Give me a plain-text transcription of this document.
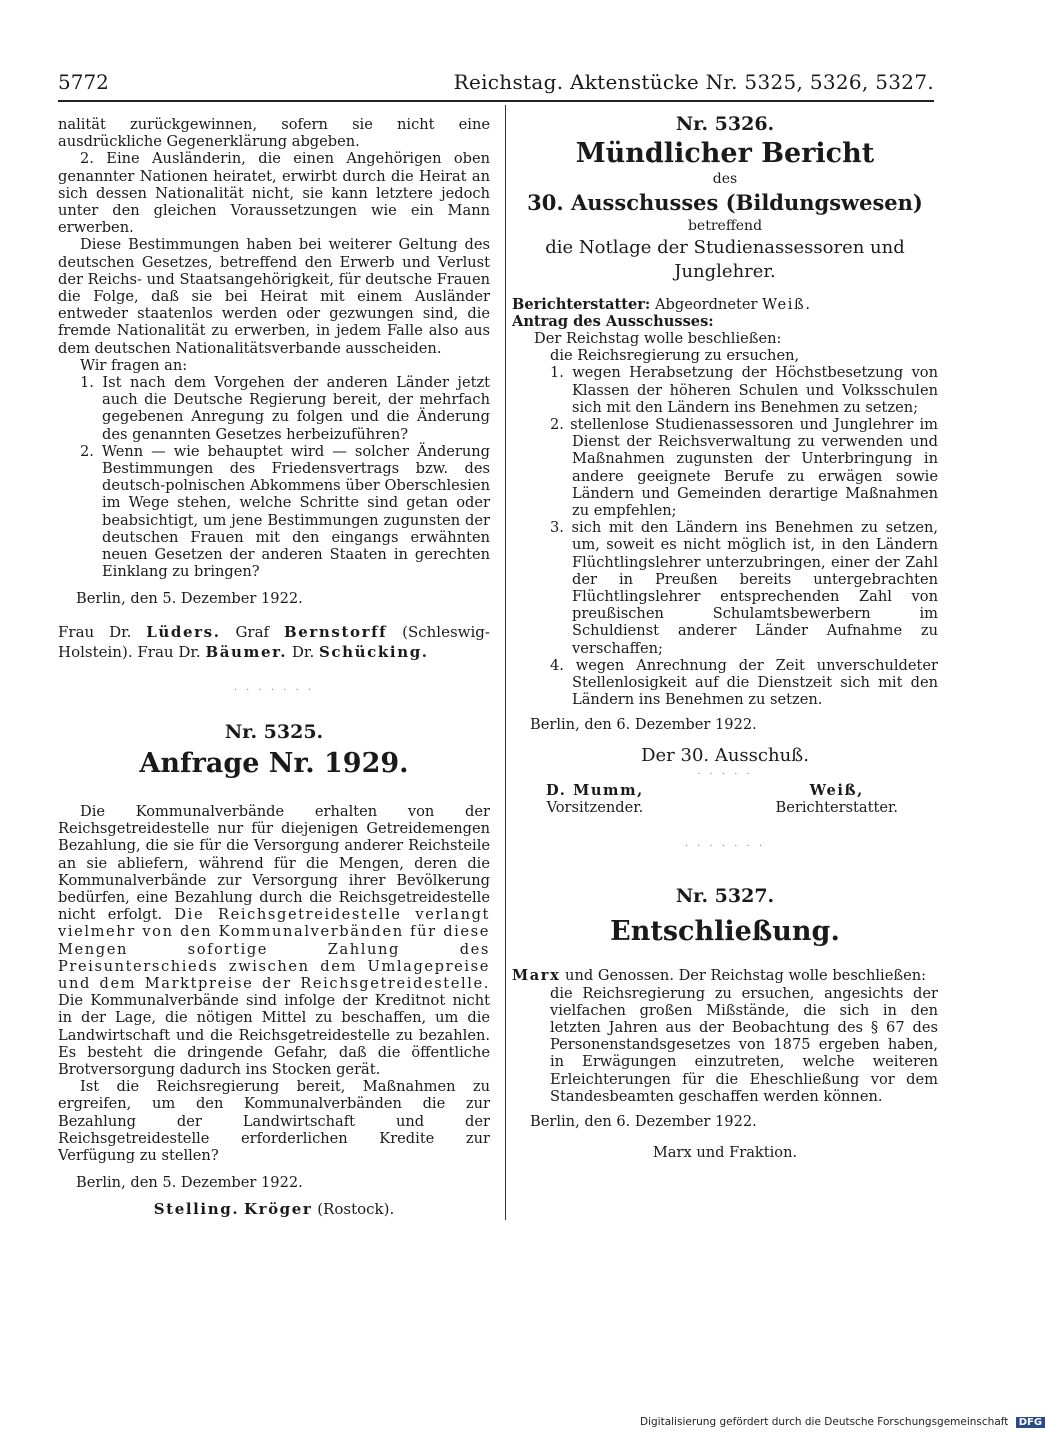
5772	Reichstag. Aktenstücke Nr. 5325, 5326, 5327.

nalität zurückgewinnen, sofern sie nicht eine ausdrückliche Gegenerklärung abgeben.

2. Eine Ausländerin, die einen Angehörigen oben genannter Nationen heiratet, erwirbt durch die Heirat an sich dessen Nationalität nicht, sie kann letztere jedoch unter den gleichen Voraussetzungen wie ein Mann erwerben.

Diese Bestimmungen haben bei weiterer Geltung des deutschen Gesetzes, betreffend den Erwerb und Verlust der Reichs- und Staatsangehörigkeit, für deutsche Frauen die Folge, daß sie bei Heirat mit einem Ausländer entweder staatenlos werden oder gezwungen sind, die fremde Nationalität zu erwerben, in jedem Falle also aus dem deutschen Nationalitätsverbande ausscheiden.

Wir fragen an:

1. Ist nach dem Vorgehen der anderen Länder jetzt auch die Deutsche Regierung bereit, der mehrfach gegebenen Anregung zu folgen und die Änderung des genannten Gesetzes herbeizuführen?

2. Wenn — wie behauptet wird — solcher Änderung Bestimmungen des Friedensvertrags bzw. des deutsch-polnischen Abkommens über Oberschlesien im Wege stehen, welche Schritte sind getan oder beabsichtigt, um jene Bestimmungen zugunsten der deutschen Frauen mit den eingangs erwähnten neuen Gesetzen der anderen Staaten in gerechten Einklang zu bringen?

Berlin, den 5. Dezember 1922.

Frau Dr. Lüders. Graf Bernstorff (Schleswig-Holstein). Frau Dr. Bäumer. Dr. Schücking.

· · · · · · ·
Nr. 5325.
Anfrage Nr. 1929.

Die Kommunalverbände erhalten von der Reichsgetreidestelle nur für diejenigen Getreidemengen Bezahlung, die sie für die Versorgung anderer Reichsteile an sie abliefern, während für die Mengen, deren die Kommunalverbände zur Versorgung ihrer Bevölkerung bedürfen, eine Bezahlung durch die Reichsgetreidestelle nicht erfolgt. Die Reichsgetreidestelle verlangt vielmehr von den Kommunalverbänden für diese Mengen sofortige Zahlung des Preisunterschieds zwischen dem Umlagepreise und dem Marktpreise der Reichsgetreidestelle. Die Kommunalverbände sind infolge der Kreditnot nicht in der Lage, die nötigen Mittel zu beschaffen, um die Landwirtschaft und die Reichsgetreidestelle zu bezahlen. Es besteht die dringende Gefahr, daß die öffentliche Brotversorgung dadurch ins Stocken gerät.

Ist die Reichsregierung bereit, Maßnahmen zu ergreifen, um den Kommunalverbänden die zur Bezahlung der Landwirtschaft und der Reichsgetreidestelle erforderlichen Kredite zur Verfügung zu stellen?

Berlin, den 5. Dezember 1922.

Stelling. Kröger (Rostock).

Nr. 5326.
Mündlicher Bericht
des
30. Ausschusses (Bildungswesen)
betreffend
die Notlage der Studienassessoren und Junglehrer.

Berichterstatter: Abgeordneter Weiß.

Antrag des Ausschusses:

Der Reichstag wolle beschließen:

die Reichsregierung zu ersuchen,

1. wegen Herabsetzung der Höchstbesetzung von Klassen der höheren Schulen und Volksschulen sich mit den Ländern ins Benehmen zu setzen;

2. stellenlose Studienassessoren und Junglehrer im Dienst der Reichsverwaltung zu verwenden und Maßnahmen zugunsten der Unterbringung in andere geeignete Berufe zu erwägen sowie Ländern und Gemeinden derartige Maßnahmen zu empfehlen;

3. sich mit den Ländern ins Benehmen zu setzen, um, soweit es nicht möglich ist, in den Ländern Flüchtlingslehrer unterzubringen, einer der Zahl der in Preußen bereits untergebrachten Flüchtlingslehrer entsprechenden Zahl von preußischen Schulamtsbewerbern im Schuldienst anderer Länder Aufnahme zu verschaffen;

4. wegen Anrechnung der Zeit unverschuldeter Stellenlosigkeit auf die Dienstzeit sich mit den Ländern ins Benehmen zu setzen.

Berlin, den 6. Dezember 1922.

Der 30. Ausschuß.
· · · · ·
D. Mumm,
Vorsitzender.
Weiß,
Berichterstatter.
· · · · · · ·
Nr. 5327.
Entschließung.

Marx und Genossen. Der Reichstag wolle beschließen:

die Reichsregierung zu ersuchen, angesichts der vielfachen großen Mißstände, die sich in den letzten Jahren aus der Beobachtung des § 67 des Personenstandsgesetzes von 1875 ergeben haben, in Erwägungen einzutreten, welche weiteren Erleichterungen für die Eheschließung vor dem Standesbeamten geschaffen werden können.

Berlin, den 6. Dezember 1922.

Marx und Fraktion.

Digitalisierung gefördert durch die Deutsche Forschungsgemeinschaft DFG
